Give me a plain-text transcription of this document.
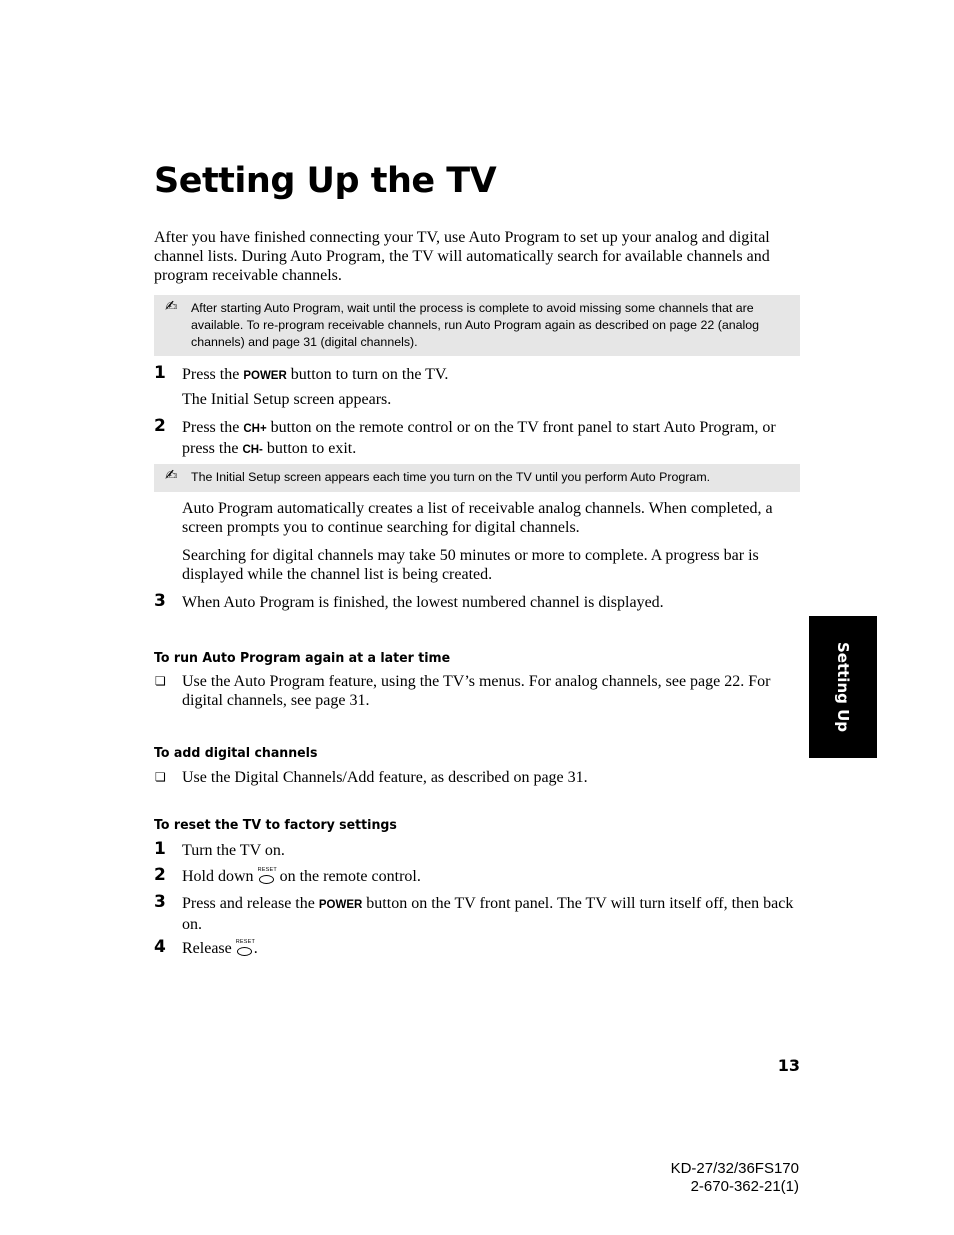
Setting Up the TV
After you have finished connecting your TV, use Auto Program to set up your analog and digital channel lists. During Auto Program, the TV will automatically search for available channels and program receivable channels.
✍ After starting Auto Program, wait until the process is complete to avoid missing some channels that are available. To re-program receivable channels, run Auto Program again as described on page 22 (analog channels) and page 31 (digital channels).
1 Press the POWER button to turn on the TV.
The Initial Setup screen appears.
2 Press the CH+ button on the remote control or on the TV front panel to start Auto Program, or press the CH- button to exit.
✍ The Initial Setup screen appears each time you turn on the TV until you perform Auto Program.
Auto Program automatically creates a list of receivable analog channels. When completed, a screen prompts you to continue searching for digital channels.
Searching for digital channels may take 50 minutes or more to complete. A progress bar is displayed while the channel list is being created.
3 When Auto Program is finished, the lowest numbered channel is displayed.
To run Auto Program again at a later time
❏ Use the Auto Program feature, using the TV’s menus. For analog channels, see page 22. For digital channels, see page 31.
To add digital channels
❏ Use the Digital Channels/Add feature, as described on page 31.
To reset the TV to factory settings
1 Turn the TV on.
2 Hold down RESET
on the remote control.
3 Press and release the POWER button on the TV front panel. The TV will turn itself off, then back on.
4 Release RESET
.
Setting Up
13
KD-27/32/36FS170
2-670-362-21(1)
